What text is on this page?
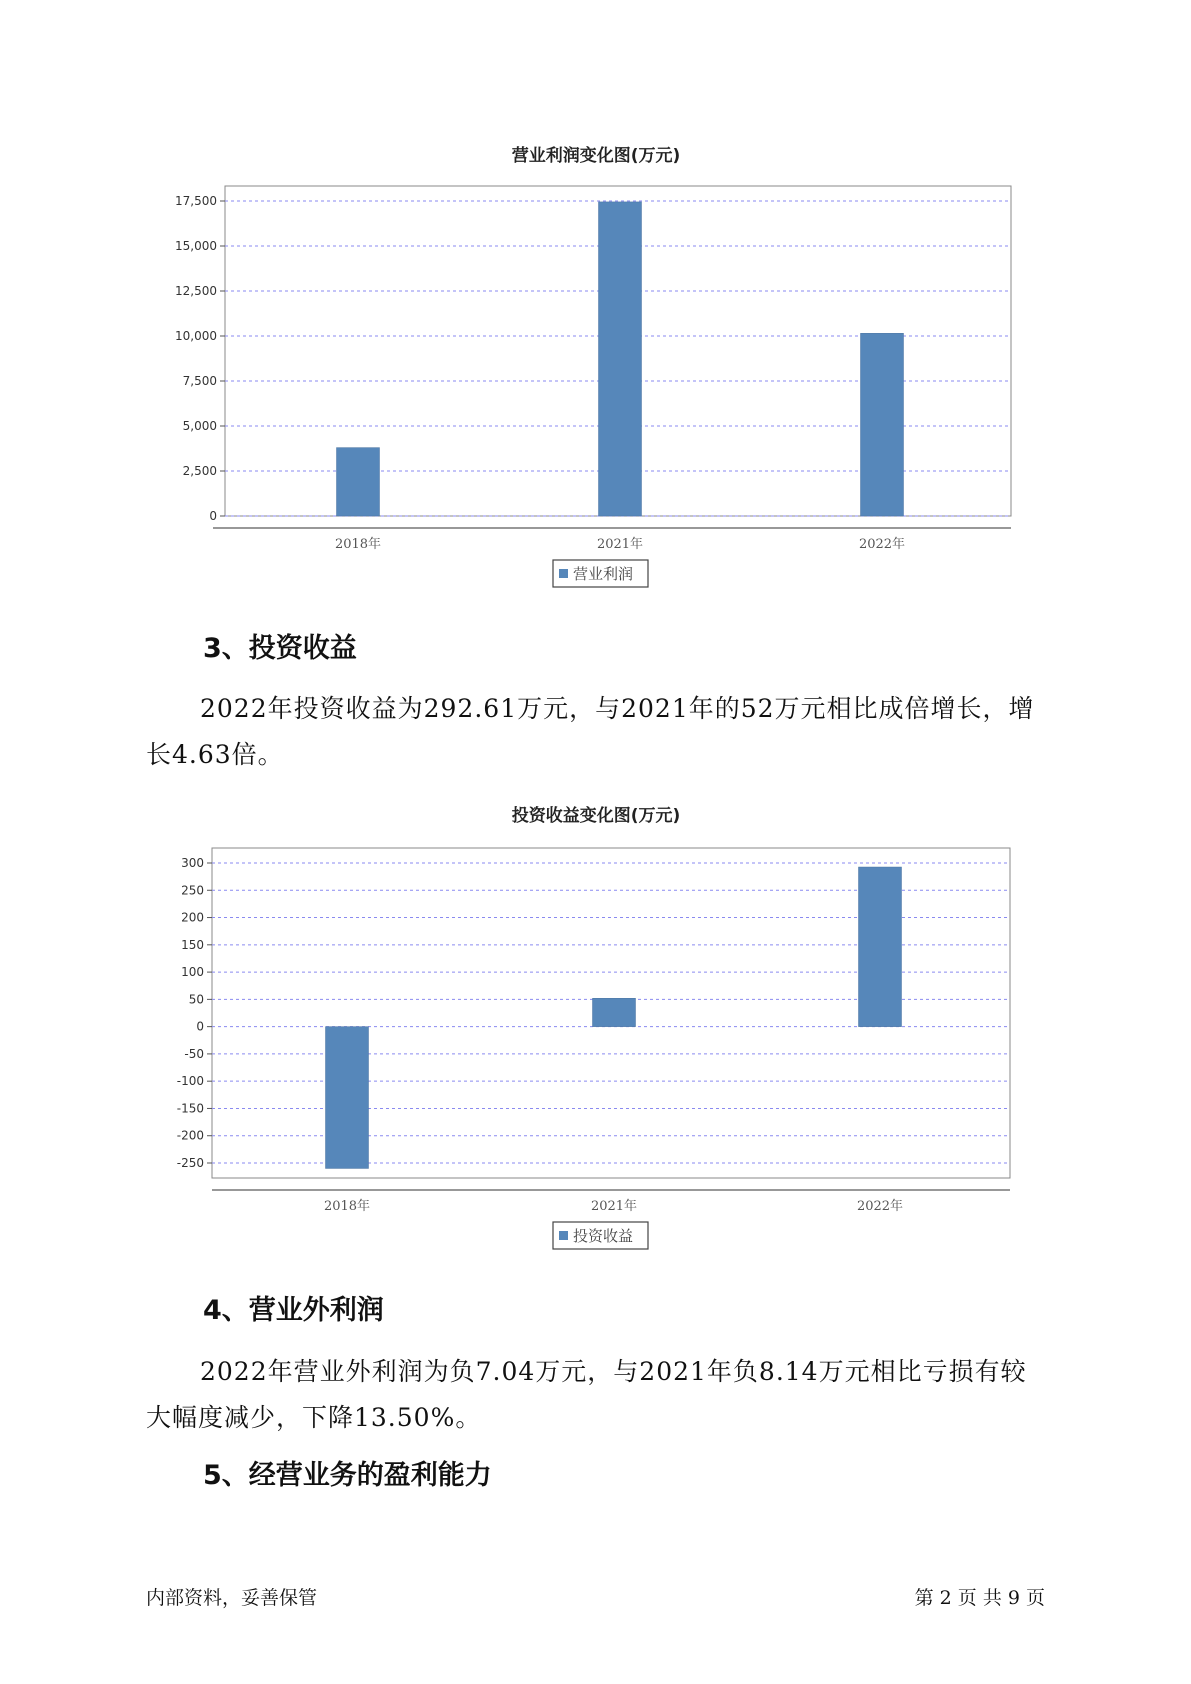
营业利润变化图(万元)
0
2,500
5,000
7,500
10,000
12,500
15,000
17,500
2018年	2021年	2022年
营业利润
3、投资收益

2022年投资收益为292.61万元，与2021年的52万元相比成倍增长，增长4.63倍。

投资收益变化图(万元)
-250
-200
-150
-100
-50
0
50
100
150
200
250
300
2018年	2021年	2022年
投资收益
4、营业外利润

2022年营业外利润为负7.04万元，与2021年负8.14万元相比亏损有较大幅度减少，下降13.50%。

5、经营业务的盈利能力
内部资料，妥善保管	第 2 页 共 9 页
